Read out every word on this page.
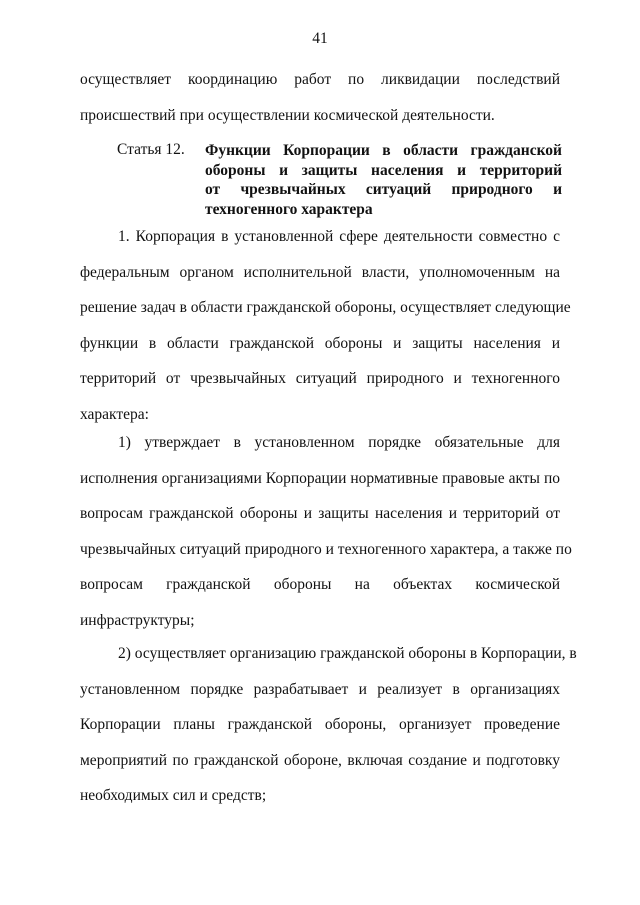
41
осуществляет координацию работ по ликвидации последствий
происшествий при осуществлении космической деятельности.
Статья 12.	Функции Корпорации в области гражданской
обороны и защиты населения и территорий
от чрезвычайных ситуаций природного и
техногенного характера
1. Корпорация в установленной сфере деятельности совместно с
федеральным органом исполнительной власти, уполномоченным на
решение задач в области гражданской обороны, осуществляет следующие
функции в области гражданской обороны и защиты населения и
территорий от чрезвычайных ситуаций природного и техногенного
характера:
1) утверждает в установленном порядке обязательные для
исполнения организациями Корпорации нормативные правовые акты по
вопросам гражданской обороны и защиты населения и территорий от
чрезвычайных ситуаций природного и техногенного характера, а также по
вопросам гражданской обороны на объектах космической
инфраструктуры;
2) осуществляет организацию гражданской обороны в Корпорации, в
установленном порядке разрабатывает и реализует в организациях
Корпорации планы гражданской обороны, организует проведение
мероприятий по гражданской обороне, включая создание и подготовку
необходимых сил и средств;
